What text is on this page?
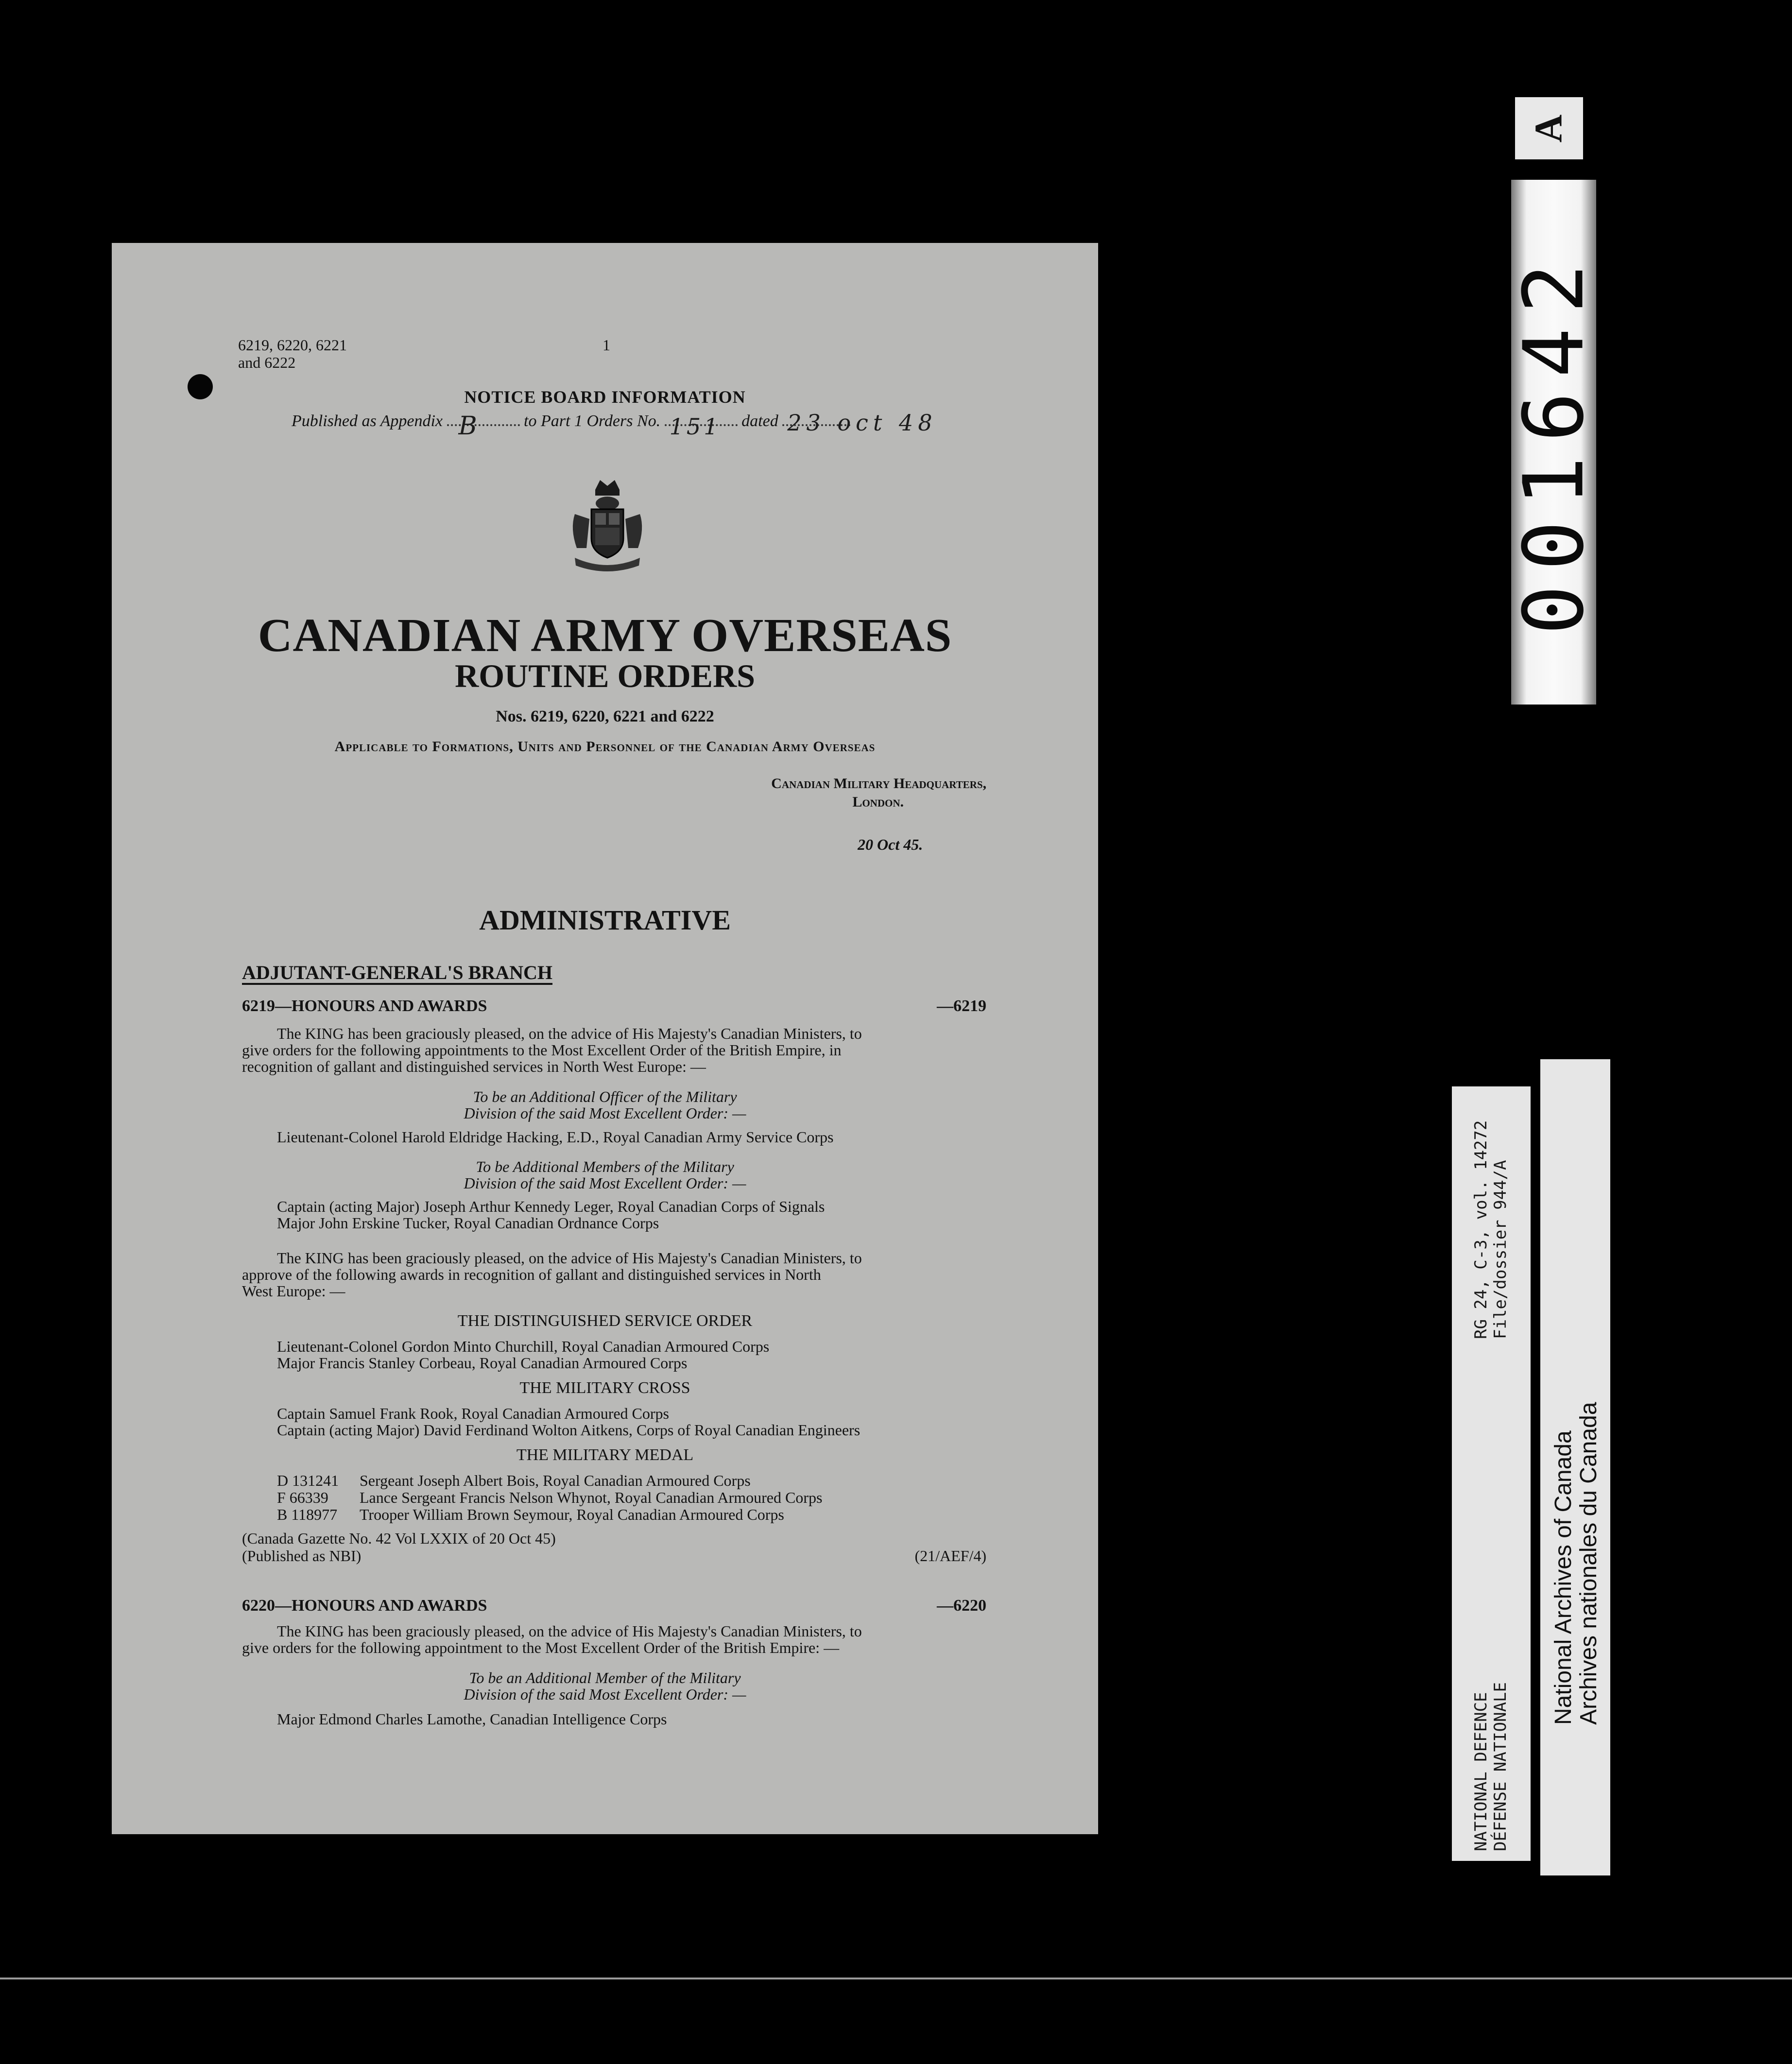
6219, 6220, 6221
and 6222
1
NOTICE BOARD INFORMATION
Published as Appendix B	to Part 1 Orders No. 151 dated 23 oct 48
CANADIAN ARMY OVERSEAS
ROUTINE ORDERS
Nos. 6219, 6220, 6221 and 6222
Applicable to Formations, Units and Personnel of the Canadian Army Overseas
Canadian Military Headquarters,
London.
20 Oct 45.
ADMINISTRATIVE
ADJUTANT-GENERAL'S BRANCH
6219—HONOURS AND AWARDS	—6219
The KING has been graciously pleased, on the advice of His Majesty's Canadian Ministers, to
give orders for the following appointments to the Most Excellent Order of the British Empire, in
recognition of gallant and distinguished services in North West Europe: —
To be an Additional Officer of the Military
Division of the said Most Excellent Order: —
Lieutenant-Colonel Harold Eldridge Hacking, E.D., Royal Canadian Army Service Corps
To be Additional Members of the Military
Division of the said Most Excellent Order: —
Captain (acting Major) Joseph Arthur Kennedy Leger, Royal Canadian Corps of Signals
Major John Erskine Tucker, Royal Canadian Ordnance Corps
The KING has been graciously pleased, on the advice of His Majesty's Canadian Ministers, to
approve of the following awards in recognition of gallant and distinguished services in North
West Europe: —
THE DISTINGUISHED SERVICE ORDER
Lieutenant-Colonel Gordon Minto Churchill, Royal Canadian Armoured Corps
Major Francis Stanley Corbeau, Royal Canadian Armoured Corps
THE MILITARY CROSS
Captain Samuel Frank Rook, Royal Canadian Armoured Corps
Captain (acting Major) David Ferdinand Wolton Aitkens, Corps of Royal Canadian Engineers
THE MILITARY MEDAL
D 131241 Sergeant Joseph Albert Bois, Royal Canadian Armoured Corps
F 66339 Lance Sergeant Francis Nelson Whynot, Royal Canadian Armoured Corps
B 118977 Trooper William Brown Seymour, Royal Canadian Armoured Corps
(Canada Gazette No. 42 Vol LXXIX of 20 Oct 45)
(Published as NBI)	(21/AEF/4)
6220—HONOURS AND AWARDS	—6220
The KING has been graciously pleased, on the advice of His Majesty's Canadian Ministers, to
give orders for the following appointment to the Most Excellent Order of the British Empire: —
To be an Additional Member of the Military
Division of the said Most Excellent Order: —
Major Edmond Charles Lamothe, Canadian Intelligence Corps
A
001642
NATIONAL DEFENCE DÉFENSE NATIONALE
RG 24, C-3, vol. 14272 File/dossier 944/A
National Archives of Canada Archives nationales du Canada
